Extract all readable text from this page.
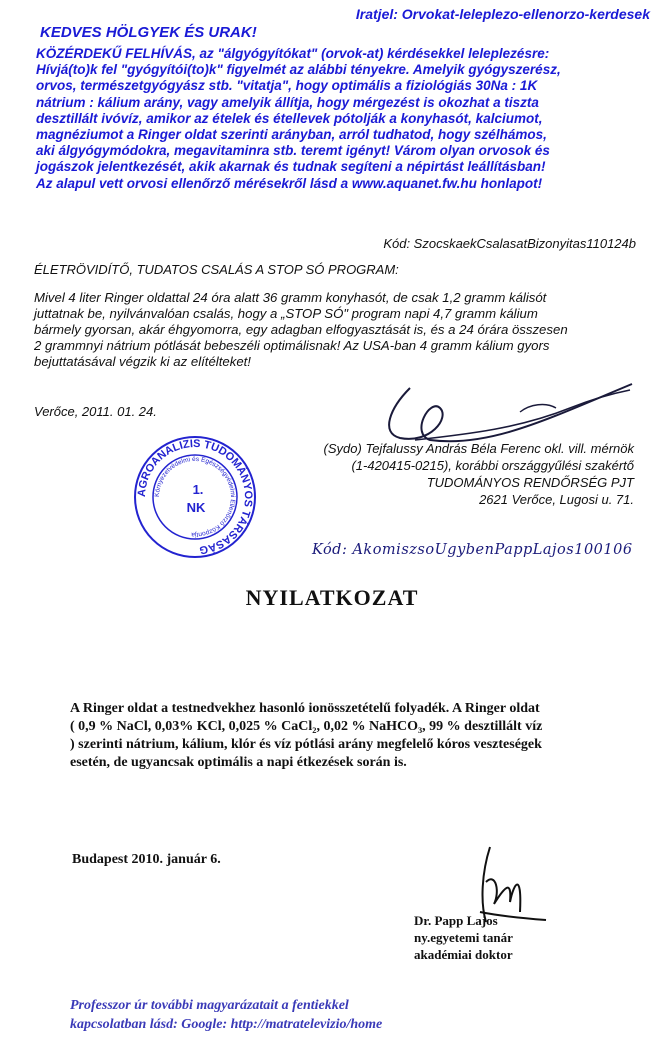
Iratjel: Orvokat-leleplezo-ellenorzo-kerdesek

KEDVES HÖLGYEK ÉS URAK!

KÖZÉRDEKŰ FELHÍVÁS, az "álgyógyítókat" (orvok-at) kérdésekkel leleplezésre:
Hívjá(to)k fel "gyógyítói(to)k" figyelmét az alábbi tényekre. Amelyik gyógyszerész,
orvos, természetgyógyász stb. "vitatja", hogy optimális a fiziológiás 30Na : 1K
nátrium : kálium arány, vagy amelyik állítja, hogy mérgezést is okozhat a tiszta
desztillált ivóvíz, amikor az ételek és étellevek pótolják a konyhasót, kalciumot,
magnéziumot a Ringer oldat szerinti arányban, arról tudhatod, hogy szélhámos,
aki álgyógymódokra, megavitaminra stb. teremt igényt! Várom olyan orvosok és
jogászok jelentkezését, akik akarnak és tudnak segíteni a népirtást leállításban!
Az alapul vett orvosi ellenőrző mérésekről lásd a www.aquanet.fw.hu honlapot!

Kód: SzocskaekCsalasatBizonyitas110124b

ÉLETRÖVIDÍTŐ, TUDATOS CSALÁS A STOP SÓ PROGRAM:

Mivel 4 liter Ringer oldattal 24 óra alatt 36 gramm konyhasót, de csak 1,2 gramm kálisót
juttatnak be, nyilvánvalóan csalás, hogy a „STOP SÓ" program napi 4,7 gramm kálium
bármely gyorsan, akár éhgyomorra, egy adagban elfogyasztását is, és a 24 órára összesen
2 grammnyi nátrium pótlását bebeszéli optimálisnak! Az USA-ban 4 gramm kálium gyors
bejuttatásával végzik ki az elítélteket!

Verőce, 2011. 01. 24.

(Sydo) Tejfalussy András Béla Ferenc okl. vill. mérnök
(1-420415-0215), korábbi országgyűlési szakértő
TUDOMÁNYOS RENDŐRSÉG PJT
2621 Verőce, Lugosi u. 71.
AGROANALIZIS TUDOMÁNYOS TÁRSASÁG
Környezetvédelmi és Egészségvédelmi Ellenőrző Központja
1.
NK

Kód: AkomiszsoUgybenPappLajos100106

NYILATKOZAT

A Ringer oldat a testnedvekhez hasonló ionösszetételű folyadék. A Ringer oldat
( 0,9 % NaCl, 0,03% KCl, 0,025 % CaCl₂, 0,02 % NaHCO₃, 99 % desztillált víz
) szerinti nátrium, kálium, klór és víz pótlási arány megfelelő kóros veszteségek
esetén, de ugyancsak optimális a napi étkezések során is.

Budapest 2010. január 6.

Dr. Papp Lajos
ny.egyetemi tanár
akadémiai doktor
Professzor úr további magyarázatait a fentiekkel
kapcsolatban lásd: Google: http://matratelevizio/home
